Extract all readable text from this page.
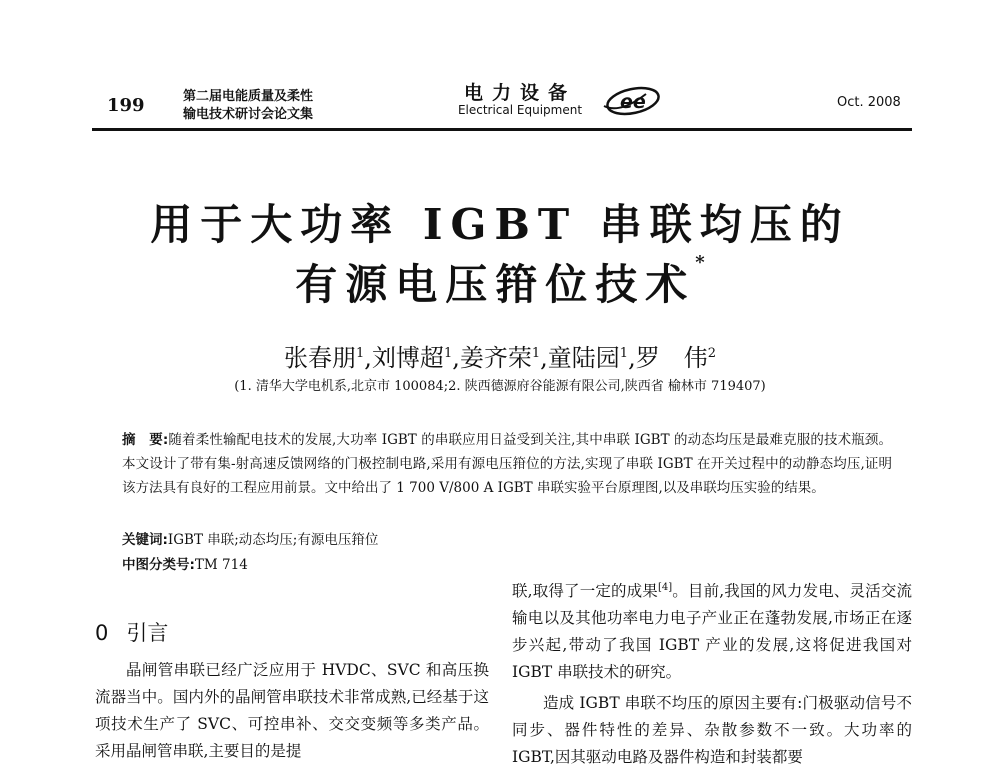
199	第二届电能质量及柔性
输电技术研讨会论文集
电力设备
Electrical Equipment	ee	Oct. 2008
用于大功率 IGBT 串联均压的
有源电压箝位技术*
张春朋$^1$,刘博超$^1$,姜齐荣$^1$,童陆园$^1$,罗　伟$^2$
(1. 清华大学电机系,北京市 100084;2. 陕西德源府谷能源有限公司,陕西省 榆林市 719407)
摘　要:随着柔性输配电技术的发展,大功率 IGBT 的串联应用日益受到关注,其中串联 IGBT 的动态均压是最难克服的技术瓶颈。本文设计了带有集-射高速反馈网络的门极控制电路,采用有源电压箝位的方法,实现了串联 IGBT 在开关过程中的动静态均压,证明该方法具有良好的工程应用前景。文中给出了 1 700 V/800 A IGBT 串联实验平台原理图,以及串联均压实验的结果。
关键词:IGBT 串联;动态均压;有源电压箝位
中图分类号:TM 714
0 引言

晶闸管串联已经广泛应用于 HVDC、SVC 和高压换流器当中。国内外的晶闸管串联技术非常成熟,已经基于这项技术生产了 SVC、可控串补、交交变频等多类产品。采用晶闸管串联,主要目的是提

联,取得了一定的成果[4]。目前,我国的风力发电、灵活交流输电以及其他功率电力电子产业正在蓬勃发展,市场正在逐步兴起,带动了我国 IGBT 产业的发展,这将促进我国对 IGBT 串联技术的研究。

造成 IGBT 串联不均压的原因主要有:门极驱动信号不同步、器件特性的差异、杂散参数不一致。大功率的 IGBT,因其驱动电路及器件构造和封装都要
